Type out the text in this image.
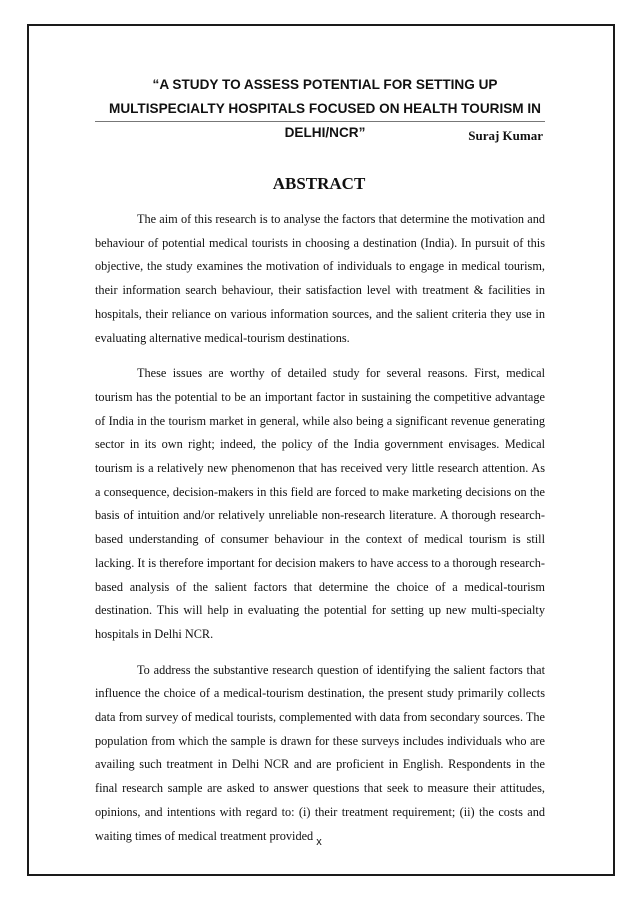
“A STUDY TO ASSESS POTENTIAL FOR SETTING UP MULTISPECIALTY HOSPITALS FOCUSED ON HEALTH TOURISM IN DELHI/NCR”	Suraj Kumar
ABSTRACT

The aim of this research is to analyse the factors that determine the motivation and behaviour of potential medical tourists in choosing a destination (India). In pursuit of this objective, the study examines the motivation of individuals to engage in medical tourism, their information search behaviour, their satisfaction level with treatment & facilities in hospitals, their reliance on various information sources, and the salient criteria they use in evaluating alternative medical-tourism destinations.

These issues are worthy of detailed study for several reasons. First, medical tourism has the potential to be an important factor in sustaining the competitive advantage of India in the tourism market in general, while also being a significant revenue generating sector in its own right; indeed, the policy of the India government envisages. Medical tourism is a relatively new phenomenon that has received very little research attention. As a consequence, decision-makers in this field are forced to make marketing decisions on the basis of intuition and/or relatively unreliable non-research literature. A thorough research-based understanding of consumer behaviour in the context of medical tourism is still lacking. It is therefore important for decision makers to have access to a thorough research-based analysis of the salient factors that determine the choice of a medical-tourism destination. This will help in evaluating the potential for setting up new multi-specialty hospitals in Delhi NCR.

To address the substantive research question of identifying the salient factors that influence the choice of a medical-tourism destination, the present study primarily collects data from survey of medical tourists, complemented with data from secondary sources. The population from which the sample is drawn for these surveys includes individuals who are availing such treatment in Delhi NCR and are proficient in English. Respondents in the final research sample are asked to answer questions that seek to measure their attitudes, opinions, and intentions with regard to: (i) their treatment requirement; (ii) the costs and waiting times of medical treatment provided x
